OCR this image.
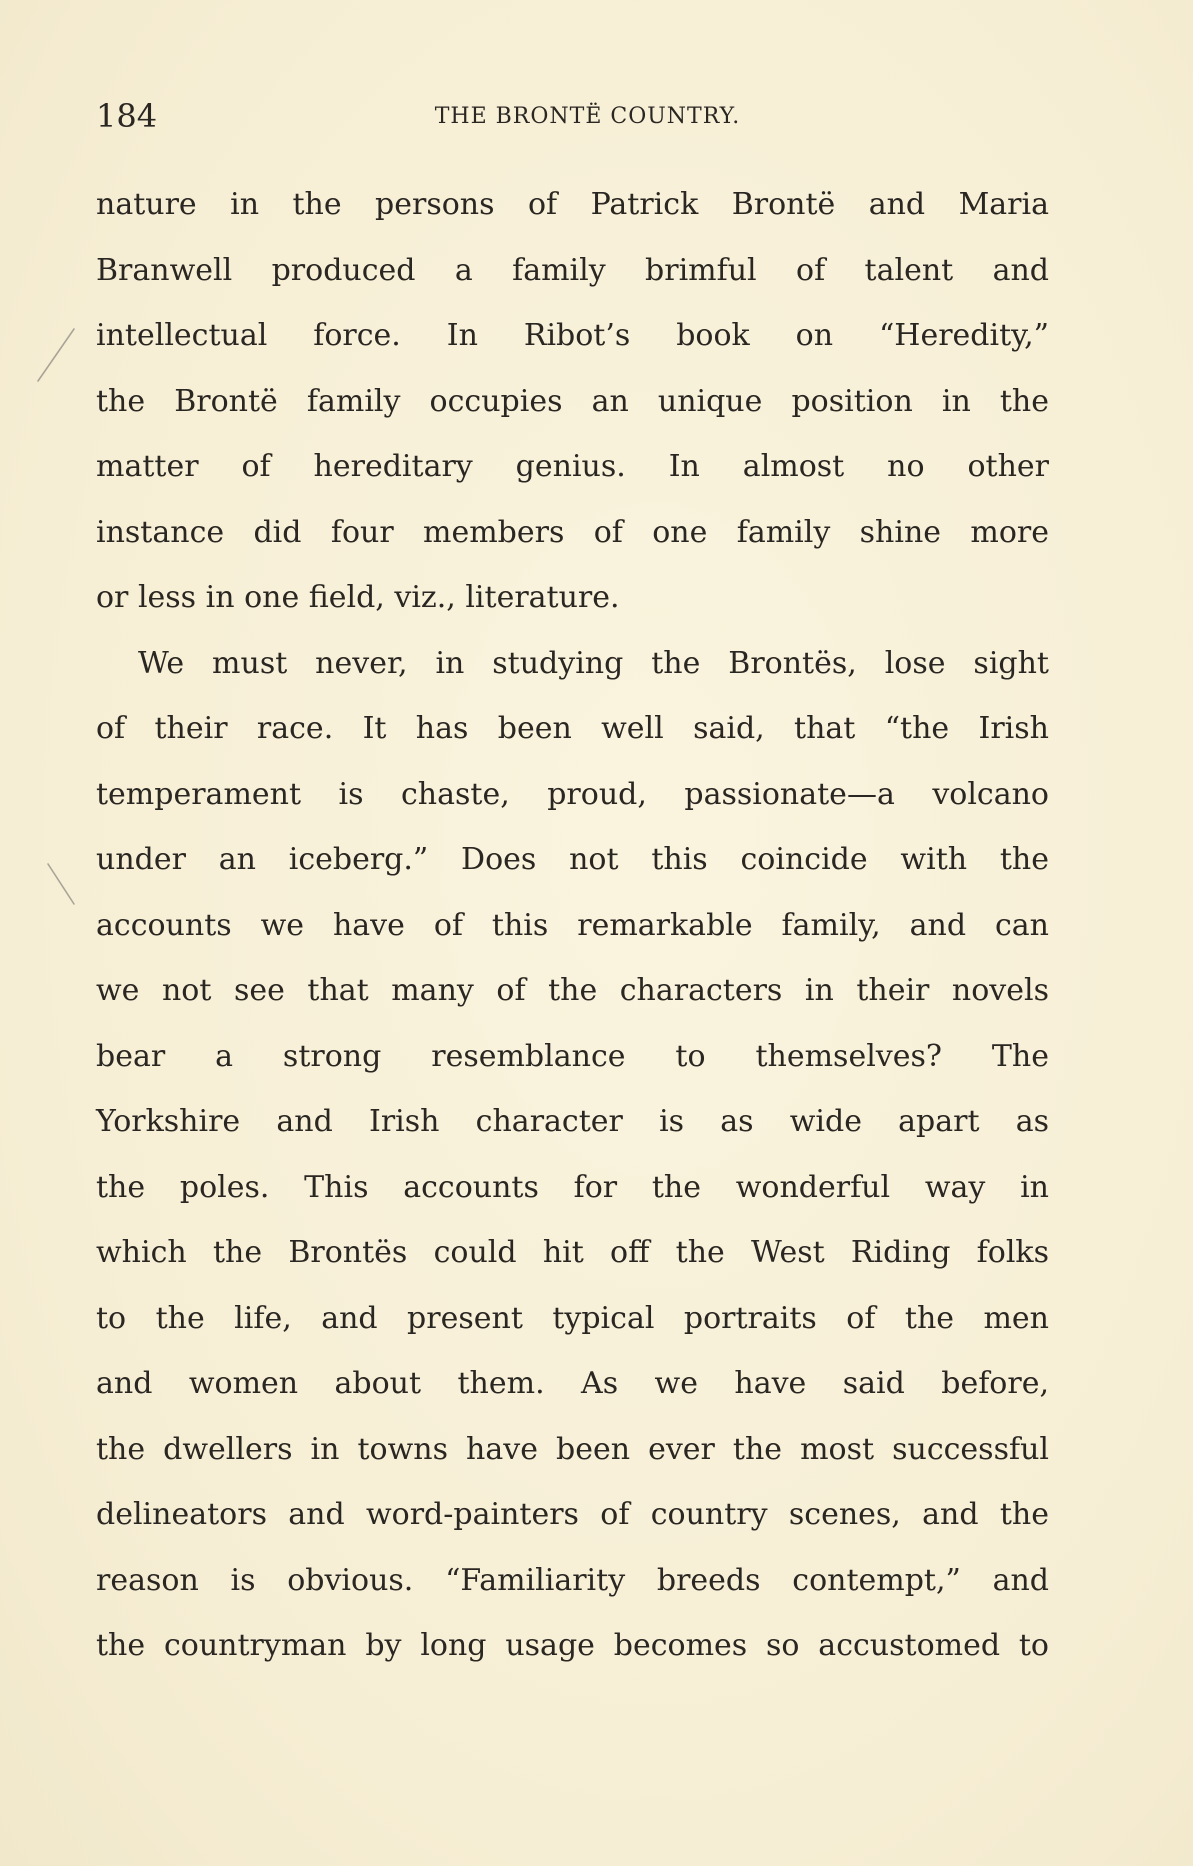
184	THE BRONTË COUNTRY.
nature in the persons of Patrick Brontë and Maria
Branwell produced a family brimful of talent and
intellectual force. In Ribot’s book on “Heredity,”
the Brontë family occupies an unique position in the
matter of hereditary genius. In almost no other
instance did four members of one family shine more
or less in one field, viz., literature.
We must never, in studying the Brontës, lose sight
of their race. It has been well said, that “the Irish
temperament is chaste, proud, passionate—a volcano
under an iceberg.” Does not this coincide with the
accounts we have of this remarkable family, and can
we not see that many of the characters in their novels
bear a strong resemblance to themselves? The
Yorkshire and Irish character is as wide apart as
the poles. This accounts for the wonderful way in
which the Brontës could hit off the West Riding folks
to the life, and present typical portraits of the men
and women about them. As we have said before,
the dwellers in towns have been ever the most successful
delineators and word-painters of country scenes, and the
reason is obvious. “Familiarity breeds contempt,” and
the countryman by long usage becomes so accustomed to
